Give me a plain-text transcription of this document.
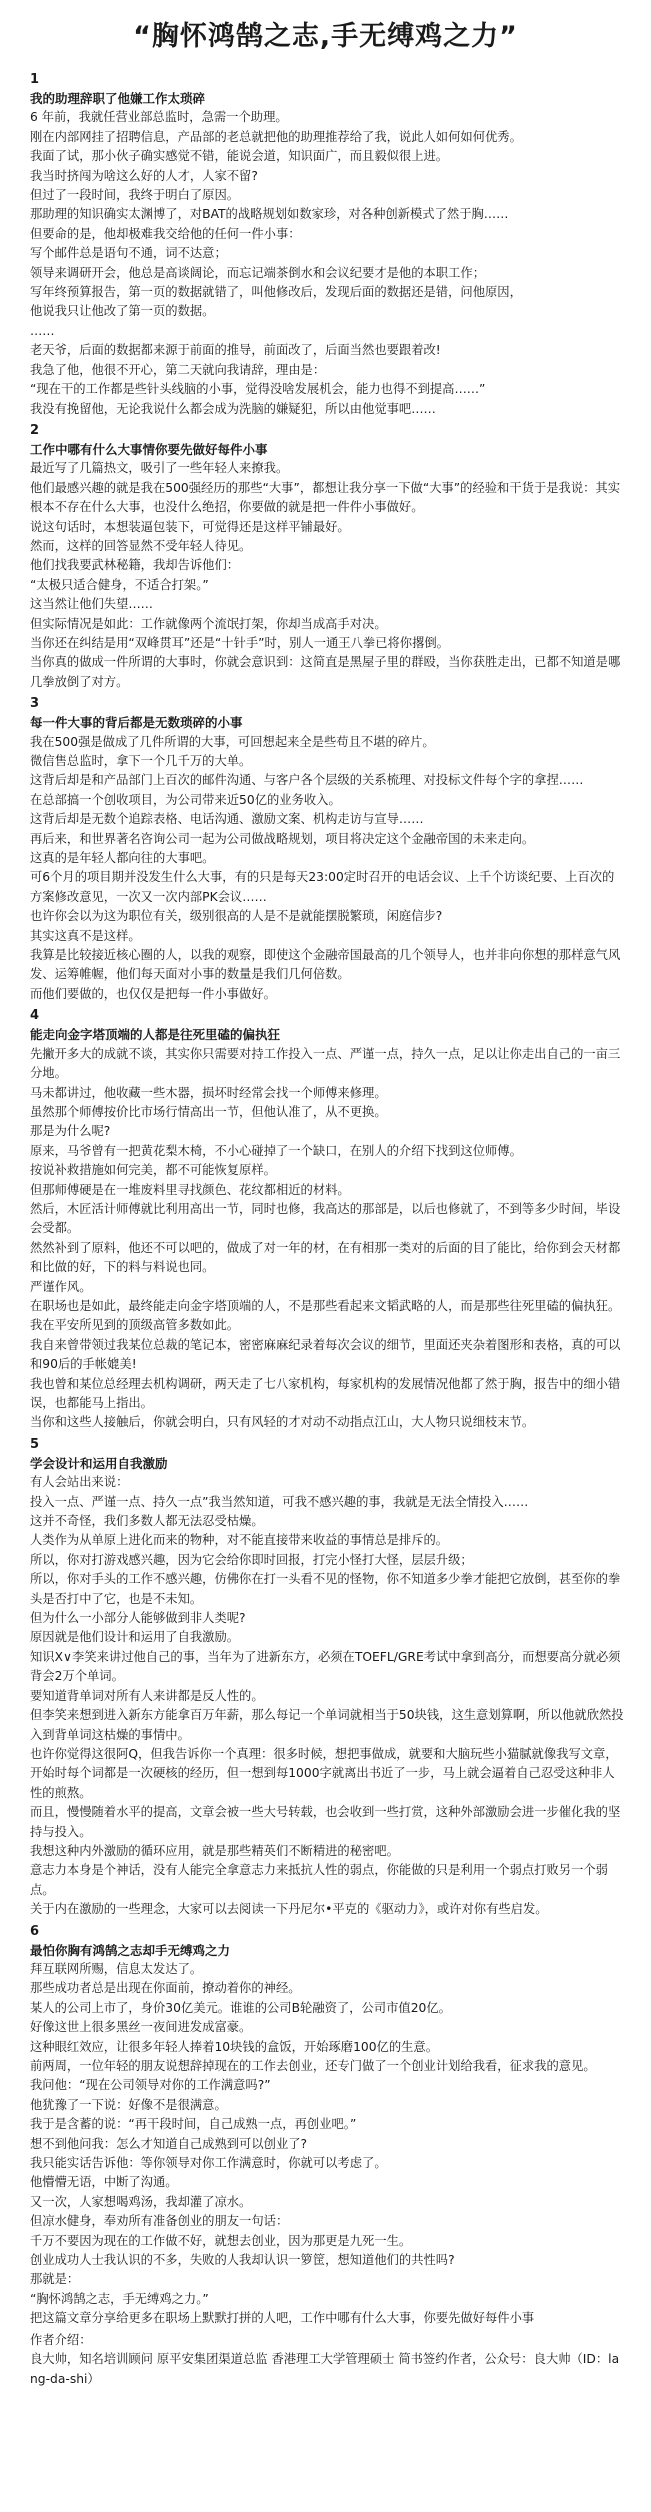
“胸怀鸿鹄之志,手无缚鸡之力”
1
我的助理辞职了他嫌工作太琐碎
6 年前，我就任营业部总监时，急需一个助理。
刚在内部网挂了招聘信息，产品部的老总就把他的助理推荐给了我，说此人如何如何优秀。
我面了试，那小伙子确实感觉不错，能说会道，知识面广，而且毅似很上进。
我当时挤闯为啥这么好的人才，人家不留?
但过了一段时间，我终于明白了原因。
那助理的知识确实太渊博了，对BAT的战略规划如数家珍，对各种创新模式了然于胸……
但要命的是，他却极难我交给他的任何一件小事：
写个邮件总是语句不通，词不达意；
领导来调研开会，他总是高谈阔论，而忘记端茶倒水和会议纪要才是他的本职工作；
写年终预算报告，第一页的数据就错了，叫他修改后，发现后面的数据还是错，问他原因，
他说我只让他改了第一页的数据。
……
老天爷，后面的数据都来源于前面的推导，前面改了，后面当然也要跟着改!
我急了他，他很不开心，第二天就向我请辞，理由是：
“现在干的工作都是些针头线脑的小事，觉得没啥发展机会，能力也得不到提高……”
我没有挽留他，无论我说什么都会成为洗脑的嫌疑犯，所以由他觉事吧……
2
工作中哪有什么大事情你要先做好每件小事
最近写了几篇热文，吸引了一些年轻人来撩我。
他们最感兴趣的就是我在500强经历的那些“大事”，都想让我分享一下做“大事”的经验和干货于是我说：其实根本不存在什么大事，也没什么绝招，你要做的就是把一件件小事做好。
说这句话时，本想装逼包装下，可觉得还是这样平铺最好。
然而，这样的回答显然不受年轻人待见。
他们找我要武林秘籍，我却告诉他们：
“太极只适合健身，不适合打架。”
这当然让他们失望……
但实际情况是如此：工作就像两个流氓打架，你却当成高手对决。
当你还在纠结是用“双峰贯耳”还是“十针手”时，别人一通王八拳已将你撂倒。
当你真的做成一件所谓的大事时，你就会意识到：这简直是黑屋子里的群殴，当你获胜走出，已都不知道是哪几拳放倒了对方。
3
每一件大事的背后都是无数琐碎的小事
我在500强是做成了几件所谓的大事，可回想起来全是些苟且不堪的碎片。
微信售总监时，拿下一个几千万的大单。
这背后却是和产品部门上百次的邮件沟通、与客户各个层级的关系梳理、对投标文件每个字的拿捏……
在总部搞一个创收项目，为公司带来近50亿的业务收入。
这背后却是无数个追踪表格、电话沟通、激励文案、机构走访与宣导……
再后来，和世界著名咨询公司一起为公司做战略规划，项目将决定这个金融帝国的未来走向。
这真的是年轻人都向往的大事吧。
可6个月的项目期并没发生什么大事，有的只是每天23:00定时召开的电话会议、上千个访谈纪要、上百次的方案修改意见，一次又一次内部PK会议……
也许你会以为这为职位有关，级别很高的人是不是就能摆脱繁琐，闲庭信步?
其实这真不是这样。
我算是比较接近核心圈的人，以我的观察，即使这个金融帝国最高的几个领导人，也并非向你想的那样意气风发、运筹帷幄，他们每天面对小事的数量是我们几何倍数。
而他们要做的，也仅仅是把每一件小事做好。
4
能走向金字塔顶端的人都是往死里磕的偏执狂
先撇开多大的成就不谈，其实你只需要对持工作投入一点、严谨一点，持久一点，足以让你走出自己的一亩三分地。
马未都讲过，他收藏一些木器，损坏时经常会找一个师傅来修理。
虽然那个师傅按价比市场行情高出一节，但他认准了，从不更换。
那是为什么呢?
原来，马爷曾有一把黄花梨木椅，不小心碰掉了一个缺口，在别人的介绍下找到这位师傅。
按说补救措施如何完美，都不可能恢复原样。
但那师傅硬是在一堆废料里寻找颜色、花纹都相近的材料。
然后，木匠活计师傅就比利用高出一节，同时也修，我高达的那部是，以后也修就了，不到等多少时间，毕设会受都。
然然补到了原料，他还不可以吧的，做成了对一年的材，在有相那一类对的后面的目了能比，给你到会天材都和比做的好，下的料与料说也同。
严谨作风。
在职场也是如此，最终能走向金字塔顶端的人，不是那些看起来文韬武略的人，而是那些往死里磕的偏执狂。
我在平安所见到的顶级高管多数如此。
我自来曾带领过我某位总裁的笔记本，密密麻麻纪录着每次会议的细节，里面还夹杂着图形和表格，真的可以和90后的手帐媲美!
我也曾和某位总经理去机构调研，两天走了七八家机构，每家机构的发展情况他都了然于胸，报告中的细小错误，也都能马上指出。
当你和这些人接触后，你就会明白，只有风轻的才对动不动指点江山，大人物只说细枝末节。
5
学会设计和运用自我激励
有人会站出来说：
投入一点、严谨一点、持久一点”我当然知道，可我不感兴趣的事，我就是无法全情投入……
这并不奇怪，我们多数人都无法忍受枯燥。
人类作为从单原上进化而来的物种，对不能直接带来收益的事情总是排斥的。
所以，你对打游戏感兴趣，因为它会给你即时回报，打完小怪打大怪，层层升级；
所以，你对手头的工作不感兴趣，仿佛你在打一头看不见的怪物，你不知道多少拳才能把它放倒，甚至你的拳头是否打中了它，也是不未知。
但为什么一小部分人能够做到非人类呢?
原因就是他们设计和运用了自我激励。
知识X∨李笑来讲过他自己的事，当年为了进新东方，必须在TOEFL/GRE考试中拿到高分，而想要高分就必须背会2万个单词。
要知道背单词对所有人来讲都是反人性的。
但李笑来想到进入新东方能拿百万年薪，那么每记一个单词就相当于50块钱，这生意划算啊，所以他就欣然投入到背单词这枯燥的事情中。
也许你觉得这很阿Q，但我告诉你一个真理：很多时候，想把事做成，就要和大脑玩些小猫腻就像我写文章，开始时每个词都是一次硬核的经历，但一想到每1000字就离出书近了一步，马上就会逼着自己忍受这种非人性的煎熬。
而且，慢慢随着水平的提高，文章会被一些大号转载，也会收到一些打赏，这种外部激励会进一步催化我的坚持与投入。
我想这种内外激励的循环应用，就是那些精英们不断精进的秘密吧。
意志力本身是个神话，没有人能完全拿意志力来抵抗人性的弱点，你能做的只是利用一个弱点打败另一个弱点。
关于内在激励的一些理念，大家可以去阅读一下丹尼尔•平克的《驱动力》，或许对你有些启发。
6
最怕你胸有鸿鹄之志却手无缚鸡之力
拜互联网所赐，信息太发达了。
那些成功者总是出现在你面前，撩动着你的神经。
某人的公司上市了，身价30亿美元。谁谁的公司B轮融资了，公司市值20亿。
好像这世上很多黑丝一夜间进发成富豪。
这种眼红效应，让很多年轻人捧着10块钱的盒饭，开始琢磨100亿的生意。
前两周，一位年轻的朋友说想辞掉现在的工作去创业，还专门做了一个创业计划给我看，征求我的意见。
我问他：“现在公司领导对你的工作满意吗?”
他犹豫了一下说：好像不是很满意。
我于是含蓄的说：“再干段时间，自己成熟一点，再创业吧。”
想不到他问我：怎么才知道自己成熟到可以创业了?
我只能实话告诉他：等你领导对你工作满意时，你就可以考虑了。
他懵懵无语，中断了沟通。
又一次，人家想喝鸡汤，我却灌了凉水。
但凉水健身，奉劝所有准备创业的朋友一句话：
千万不要因为现在的工作做不好，就想去创业，因为那更是九死一生。
创业成功人士我认识的不多，失败的人我却认识一箩筐，想知道他们的共性吗?
那就是：
“胸怀鸿鹄之志，手无缚鸡之力。”
把这篇文章分享给更多在职场上默默打拼的人吧，工作中哪有什么大事，你要先做好每件小事
作者介绍：
良大帅，知名培训顾问 原平安集团渠道总监 香港理工大学管理硕士 简书签约作者，公众号：良大帅（ID：lang-da-shi）
